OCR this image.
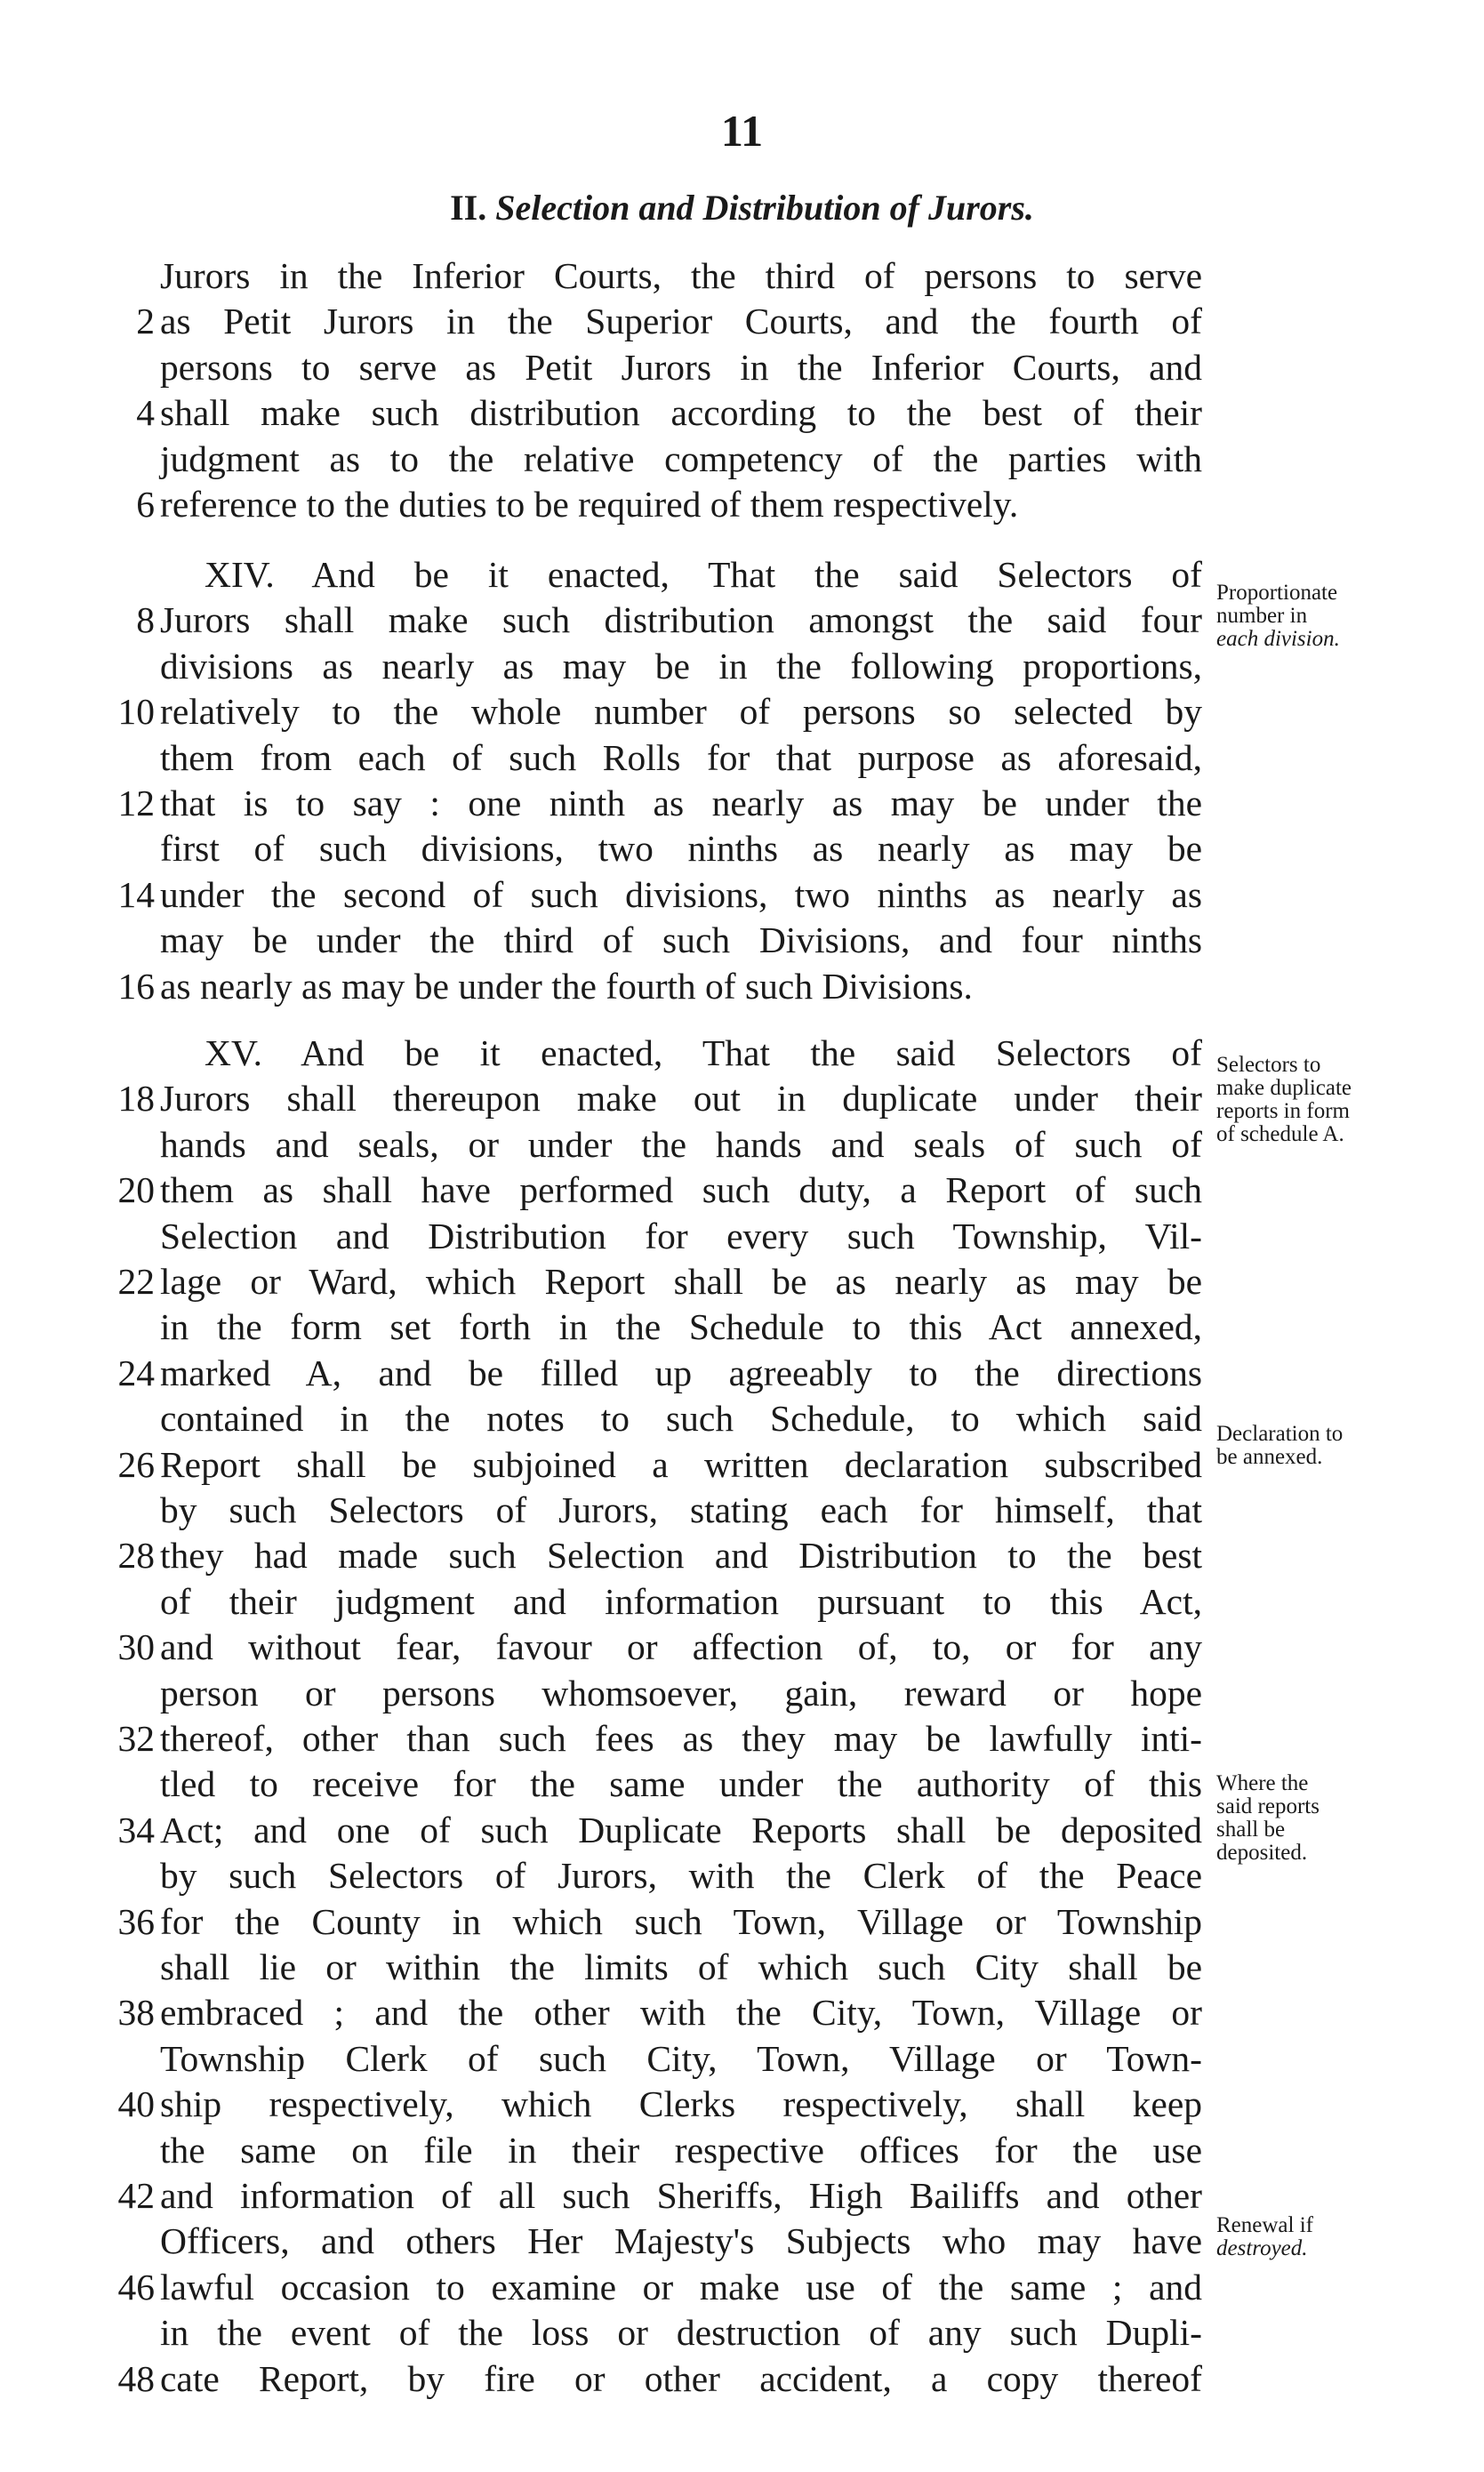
11
II. Selection and Distribution of Jurors.
Jurors in the Inferior Courts, the third of persons to serve
2 as Petit Jurors in the Superior Courts, and the fourth of
persons to serve as Petit Jurors in the Inferior Courts, and
4 shall make such distribution according to the best of their
judgment as to the relative competency of the parties with
6 reference to the duties to be required of them respectively.
XIV. And be it enacted, That the said Selectors of
8 Jurors shall make such distribution amongst the said four
divisions as nearly as may be in the following proportions,
10 relatively to the whole number of persons so selected by
them from each of such Rolls for that purpose as aforesaid,
12 that is to say : one ninth as nearly as may be under the
first of such divisions, two ninths as nearly as may be
14 under the second of such divisions, two ninths as nearly as
may be under the third of such Divisions, and four ninths
16 as nearly as may be under the fourth of such Divisions.
XV. And be it enacted, That the said Selectors of
18 Jurors shall thereupon make out in duplicate under their
hands and seals, or under the hands and seals of such of
20 them as shall have performed such duty, a Report of such
Selection and Distribution for every such Township, Vil-
22 lage or Ward, which Report shall be as nearly as may be
in the form set forth in the Schedule to this Act annexed,
24 marked A, and be filled up agreeably to the directions
contained in the notes to such Schedule, to which said
26 Report shall be subjoined a written declaration subscribed
by such Selectors of Jurors, stating each for himself, that
28 they had made such Selection and Distribution to the best
of their judgment and information pursuant to this Act,
30 and without fear, favour or affection of, to, or for any
person or persons whomsoever, gain, reward or hope
32 thereof, other than such fees as they may be lawfully inti-
tled to receive for the same under the authority of this
34 Act; and one of such Duplicate Reports shall be deposited
by such Selectors of Jurors, with the Clerk of the Peace
36 for the County in which such Town, Village or Township
shall lie or within the limits of which such City shall be
38 embraced ; and the other with the City, Town, Village or
Township Clerk of such City, Town, Village or Town-
40 ship respectively, which Clerks respectively, shall keep
the same on file in their respective offices for the use
42 and information of all such Sheriffs, High Bailiffs and other
Officers, and others Her Majesty's Subjects who may have
46 lawful occasion to examine or make use of the same ; and
in the event of the loss or destruction of any such Dupli-
48 cate Report, by fire or other accident, a copy thereof
Proportionate
number in
each division.
Selectors to
make duplicate
reports in form
of schedule A.
Declaration to
be annexed.
Where the
said reports
shall be
deposited.
Renewal if
destroyed.
